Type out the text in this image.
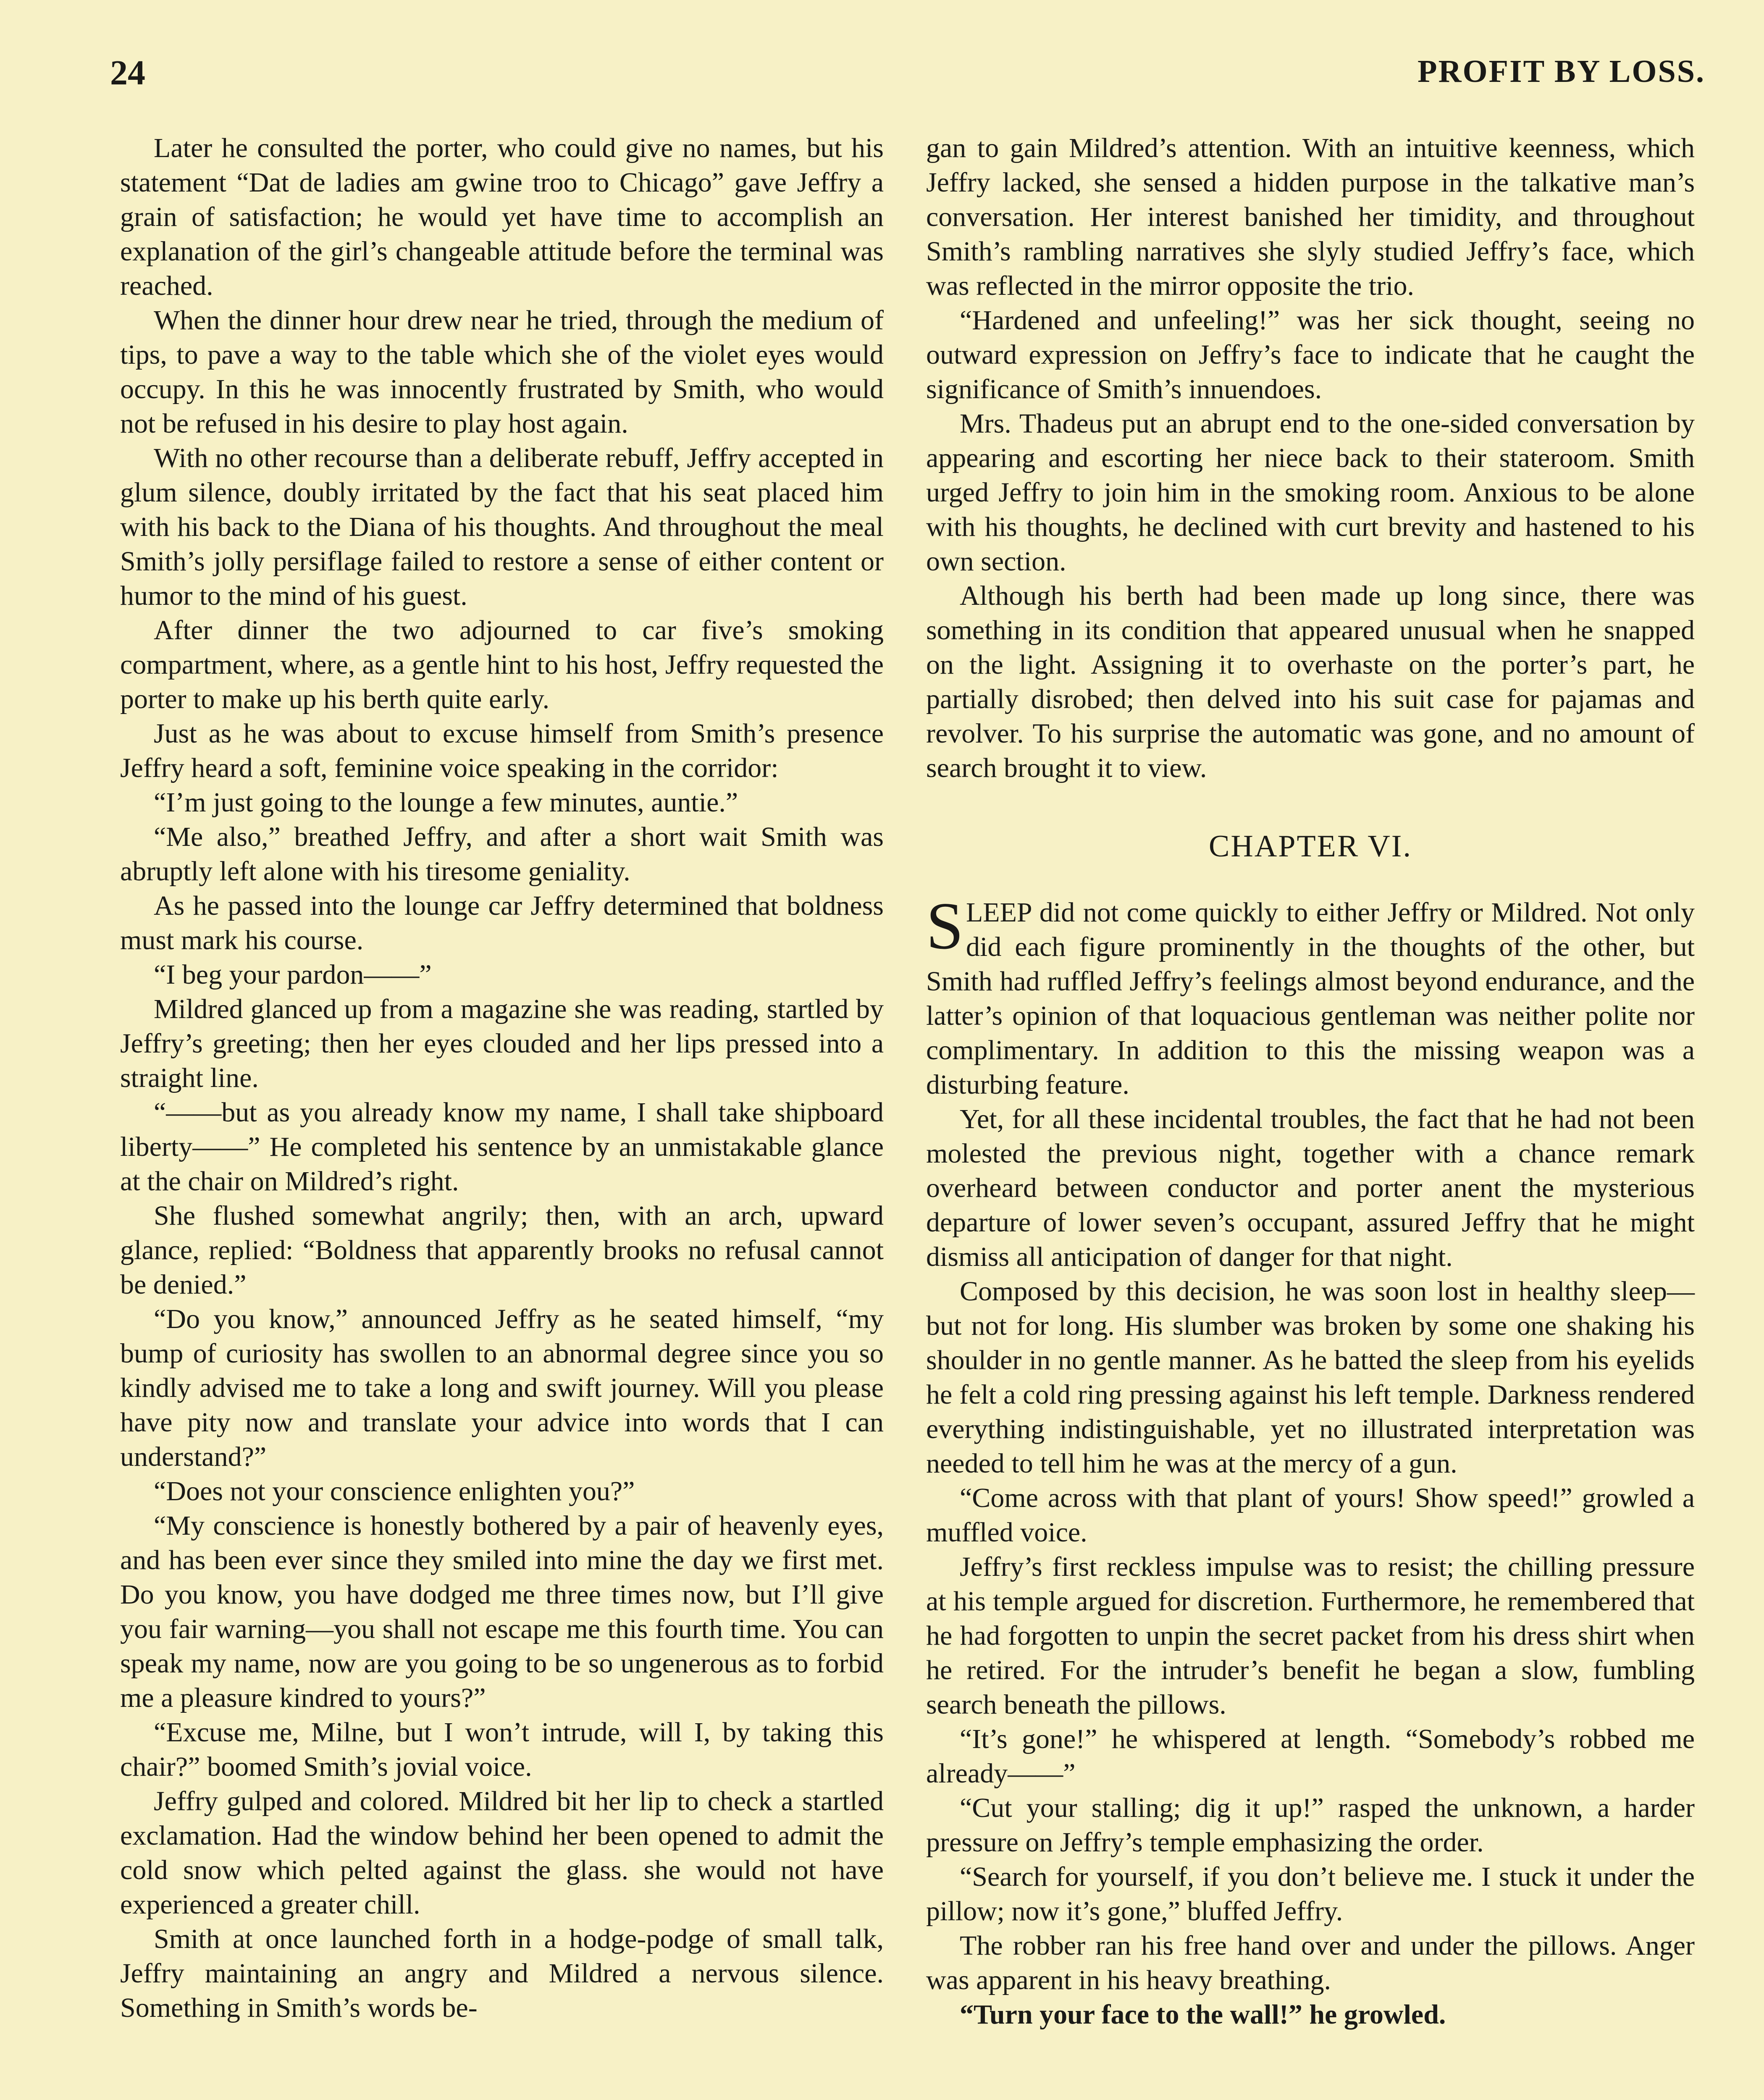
24	PROFIT BY LOSS.

Later he consulted the porter, who could give no names, but his statement “Dat de ladies am gwine troo to Chicago” gave Jeffry a grain of satisfaction; he would yet have time to accomplish an explanation of the girl’s changeable attitude before the terminal was reached.

When the dinner hour drew near he tried, through the medium of tips, to pave a way to the table which she of the violet eyes would occupy. In this he was innocently frustrated by Smith, who would not be refused in his desire to play host again.

With no other recourse than a deliberate rebuff, Jeffry accepted in glum silence, doubly irritated by the fact that his seat placed him with his back to the Diana of his thoughts. And throughout the meal Smith’s jolly persiflage failed to restore a sense of either content or humor to the mind of his guest.

After dinner the two adjourned to car five’s smoking compartment, where, as a gentle hint to his host, Jeffry requested the porter to make up his berth quite early.

Just as he was about to excuse himself from Smith’s presence Jeffry heard a soft, feminine voice speaking in the corridor:

“I’m just going to the lounge a few minutes, auntie.”

“Me also,” breathed Jeffry, and after a short wait Smith was abruptly left alone with his tiresome geniality.

As he passed into the lounge car Jeffry determined that boldness must mark his course.

“I beg your pardon——”

Mildred glanced up from a magazine she was reading, startled by Jeffry’s greeting; then her eyes clouded and her lips pressed into a straight line.

“——but as you already know my name, I shall take shipboard liberty——” He completed his sentence by an unmistakable glance at the chair on Mildred’s right.

She flushed somewhat angrily; then, with an arch, upward glance, replied: “Boldness that apparently brooks no refusal cannot be denied.”

“Do you know,” announced Jeffry as he seated himself, “my bump of curiosity has swollen to an abnormal degree since you so kindly advised me to take a long and swift journey. Will you please have pity now and translate your advice into words that I can understand?”

“Does not your conscience enlighten you?”

“My conscience is honestly bothered by a pair of heavenly eyes, and has been ever since they smiled into mine the day we first met. Do you know, you have dodged me three times now, but I’ll give you fair warning—you shall not escape me this fourth time. You can speak my name, now are you going to be so ungenerous as to forbid me a pleasure kindred to yours?”

“Excuse me, Milne, but I won’t intrude, will I, by taking this chair?” boomed Smith’s jovial voice.

Jeffry gulped and colored. Mildred bit her lip to check a startled exclamation. Had the window behind her been opened to admit the cold snow which pelted against the glass. she would not have experienced a greater chill.

Smith at once launched forth in a hodge-podge of small talk, Jeffry maintaining an angry and Mildred a nervous silence. Something in Smith’s words be-

gan to gain Mildred’s attention. With an intuitive keenness, which Jeffry lacked, she sensed a hidden purpose in the talkative man’s conversation. Her interest banished her timidity, and throughout Smith’s rambling narratives she slyly studied Jeffry’s face, which was reflected in the mirror opposite the trio.

“Hardened and unfeeling!” was her sick thought, seeing no outward expression on Jeffry’s face to indicate that he caught the significance of Smith’s innuendoes.

Mrs. Thadeus put an abrupt end to the one-sided conversation by appearing and escorting her niece back to their stateroom. Smith urged Jeffry to join him in the smoking room. Anxious to be alone with his thoughts, he declined with curt brevity and hastened to his own section.

Although his berth had been made up long since, there was something in its condition that appeared unusual when he snapped on the light. Assigning it to overhaste on the porter’s part, he partially disrobed; then delved into his suit case for pajamas and revolver. To his surprise the automatic was gone, and no amount of search brought it to view.

CHAPTER VI.

SLEEP did not come quickly to either Jeffry or Mildred. Not only did each figure prominently in the thoughts of the other, but Smith had ruffled Jeffry’s feelings almost beyond endurance, and the latter’s opinion of that loquacious gentleman was neither polite nor complimentary. In addition to this the missing weapon was a disturbing feature.

Yet, for all these incidental troubles, the fact that he had not been molested the previous night, together with a chance remark overheard between conductor and porter anent the mysterious departure of lower seven’s occupant, assured Jeffry that he might dismiss all anticipation of danger for that night.

Composed by this decision, he was soon lost in healthy sleep—but not for long. His slumber was broken by some one shaking his shoulder in no gentle manner. As he batted the sleep from his eyelids he felt a cold ring pressing against his left temple. Darkness rendered everything indistinguishable, yet no illustrated interpretation was needed to tell him he was at the mercy of a gun.

“Come across with that plant of yours! Show speed!” growled a muffled voice.

Jeffry’s first reckless impulse was to resist; the chilling pressure at his temple argued for discretion. Furthermore, he remembered that he had forgotten to unpin the secret packet from his dress shirt when he retired. For the intruder’s benefit he began a slow, fumbling search beneath the pillows.

“It’s gone!” he whispered at length. “Somebody’s robbed me already——”

“Cut your stalling; dig it up!” rasped the unknown, a harder pressure on Jeffry’s temple emphasizing the order.

“Search for yourself, if you don’t believe me. I stuck it under the pillow; now it’s gone,” bluffed Jeffry.

The robber ran his free hand over and under the pillows. Anger was apparent in his heavy breathing.

“Turn your face to the wall!” he growled.
